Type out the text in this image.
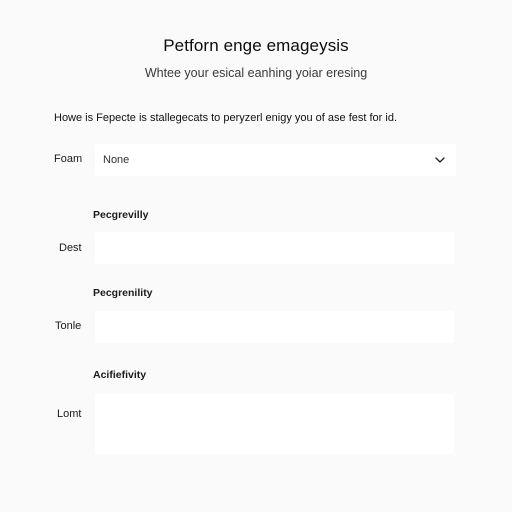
Petforn enge emageysis
Whtee your esical eanhing yoiar eresing
Howe is Fepecte is stallegecats to peryzerl enigy you of ase fest for id.
Foam None
Pecgrevilly
Dest
Pecgrenility
Tonle
Acifiefivity
Lomt
